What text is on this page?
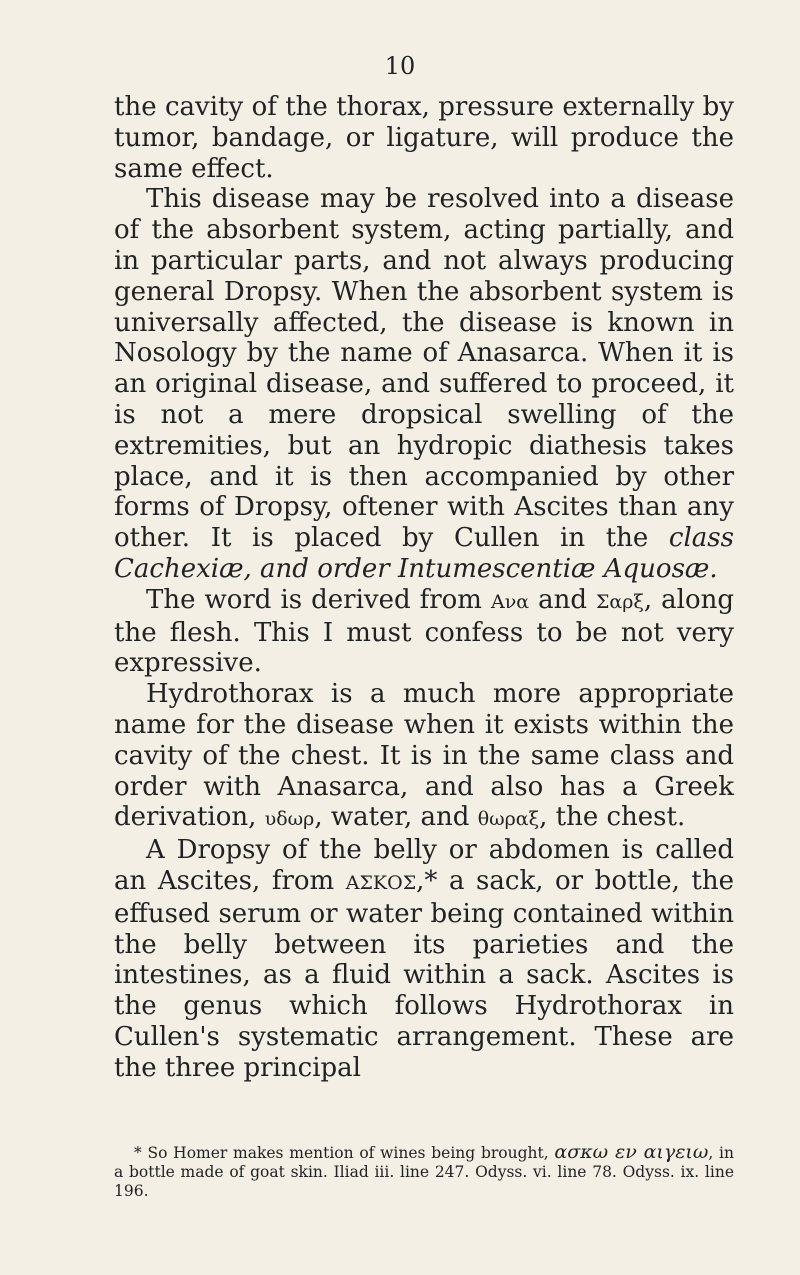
10

the cavity of the thorax, pressure externally by tumor, bandage, or ligature, will produce the same effect.

This disease may be resolved into a disease of the absorbent system, acting partially, and in particular parts, and not always producing general Dropsy. When the absorbent system is universally affected, the disease is known in Nosology by the name of Anasarca. When it is an original disease, and suffered to proceed, it is not a mere dropsical swelling of the extremities, but an hydropic diathesis takes place, and it is then accompanied by other forms of Dropsy, oftener with Ascites than any other. It is placed by Cullen in the class Cachexiæ, and order Intumescentiæ Aquosæ.

The word is derived from Ανα and Σαρξ, along the flesh. This I must confess to be not very expressive.

Hydrothorax is a much more appropriate name for the disease when it exists within the cavity of the chest. It is in the same class and order with Anasarca, and also has a Greek derivation, υδωρ, water, and θωραξ, the chest.

A Dropsy of the belly or abdomen is called an Ascites, from ΑΣΚΟΣ,* a sack, or bottle, the effused serum or water being contained within the belly between its parieties and the intestines, as a fluid within a sack. Ascites is the genus which follows Hydrothorax in Cullen's systematic arrangement. These are the three principal

* So Homer makes mention of wines being brought, ασκω εν αιγειω, in a bottle made of goat skin. Iliad iii. line 247. Odyss. vi. line 78. Odyss. ix. line 196.
